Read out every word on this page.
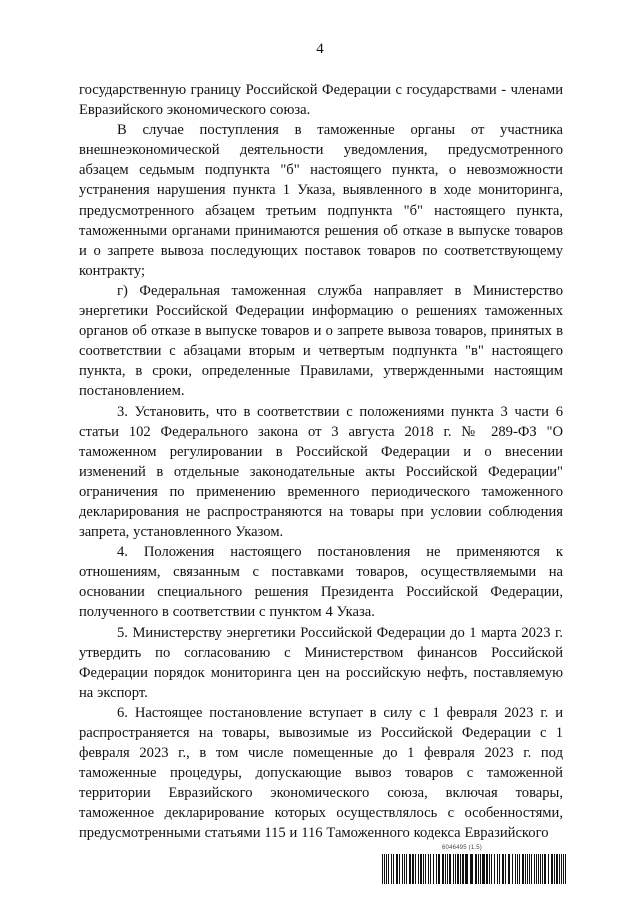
4

государственную границу Российской Федерации с государствами - членами Евразийского экономического союза.

В случае поступления в таможенные органы от участника внешнеэкономической деятельности уведомления, предусмотренного абзацем седьмым подпункта "б" настоящего пункта, о невозможности устранения нарушения пункта 1 Указа, выявленного в ходе мониторинга, предусмотренного абзацем третьим подпункта "б" настоящего пункта, таможенными органами принимаются решения об отказе в выпуске товаров и о запрете вывоза последующих поставок товаров по соответствующему контракту;

г) Федеральная таможенная служба направляет в Министерство энергетики Российской Федерации информацию о решениях таможенных органов об отказе в выпуске товаров и о запрете вывоза товаров, принятых в соответствии с абзацами вторым и четвертым подпункта "в" настоящего пункта, в сроки, определенные Правилами, утвержденными настоящим постановлением.

3. Установить, что в соответствии с положениями пункта 3 части 6 статьи 102 Федерального закона от 3 августа 2018 г. № 289-ФЗ "О таможенном регулировании в Российской Федерации и о внесении изменений в отдельные законодательные акты Российской Федерации" ограничения по применению временного периодического таможенного декларирования не распространяются на товары при условии соблюдения запрета, установленного Указом.

4. Положения настоящего постановления не применяются к отношениям, связанным с поставками товаров, осуществляемыми на основании специального решения Президента Российской Федерации, полученного в соответствии с пунктом 4 Указа.

5. Министерству энергетики Российской Федерации до 1 марта 2023 г. утвердить по согласованию с Министерством финансов Российской Федерации порядок мониторинга цен на российскую нефть, поставляемую на экспорт.

6. Настоящее постановление вступает в силу с 1 февраля 2023 г. и распространяется на товары, вывозимые из Российской Федерации с 1 февраля 2023 г., в том числе помещенные до 1 февраля 2023 г. под таможенные процедуры, допускающие вывоз товаров с таможенной территории Евразийского экономического союза, включая товары, таможенное декларирование которых осуществлялось с особенностями, предусмотренными статьями 115 и 116 Таможенного кодекса Евразийского

6046495 (1.5)
